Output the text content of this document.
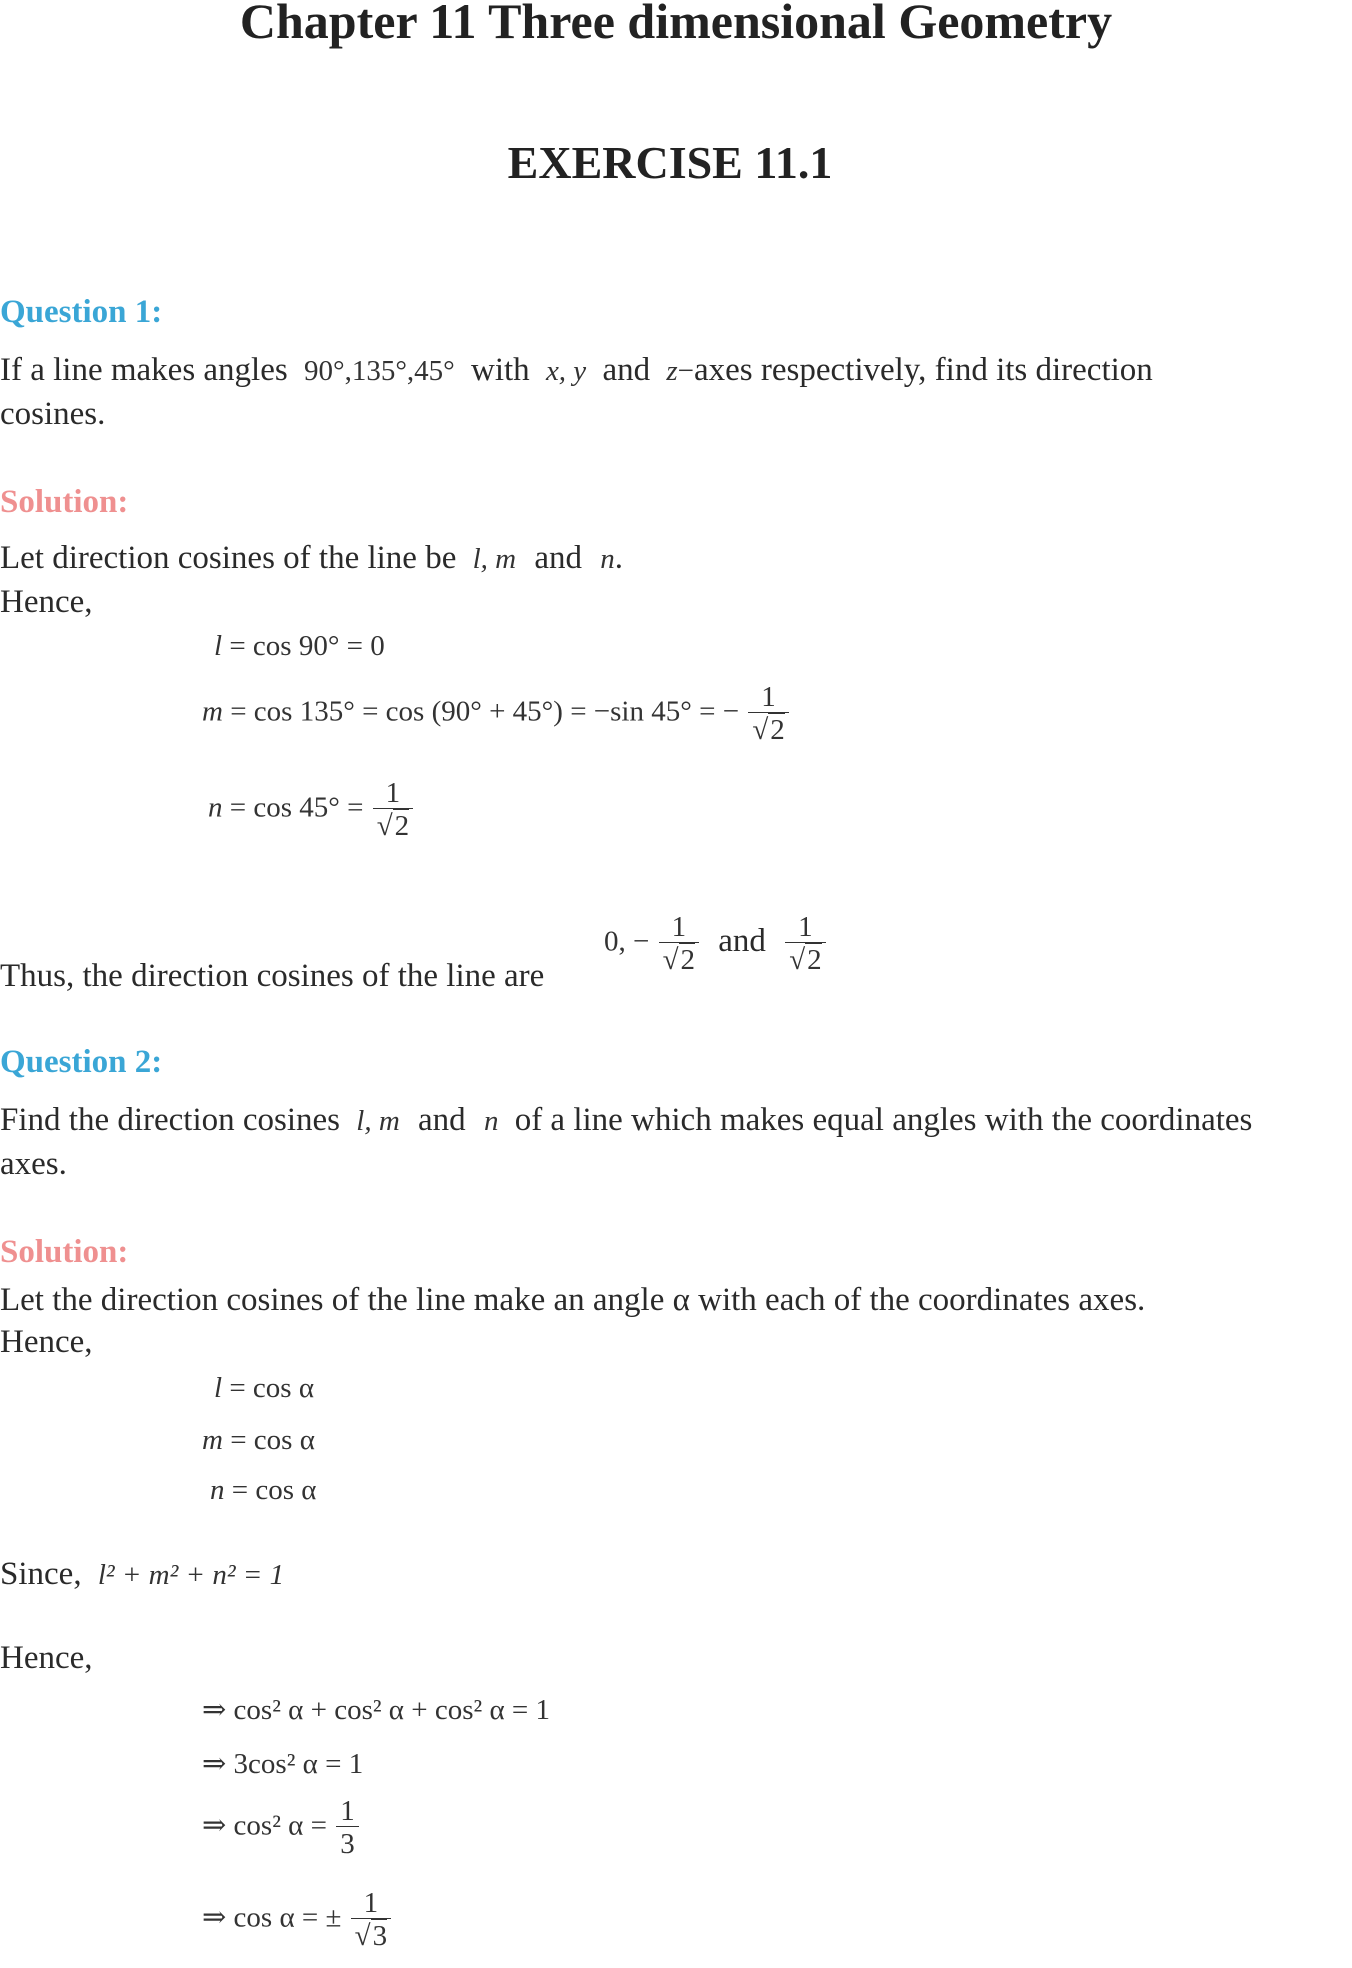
Chapter 11 Three dimensional Geometry
EXERCISE 11.1
Question 1:
If a line makes angles 90°,135°,45° with x, y and z−axes respectively, find its direction
cosines.
Solution:
Let direction cosines of the line be l, m and n.
Hence,
l = cos 90° = 0
m = cos 135° = cos (90° + 45°) = −sin 45° = − $\frac{1}{√2}$
$n = \cos 45^\circ = \frac{1}{√2}$
Thus, the direction cosines of the line are
0, − $\frac{1}{√2}$ and $\frac{1}{√2}$
Question 2:
Find the direction cosines l, m and n of a line which makes equal angles with the coordinates
axes.
Solution:
Let the direction cosines of the line make an angle α with each of the coordinates axes.
Hence,
l = cos α
m = cos α
n = cos α
Since, l² + m² + n² = 1
Hence,
⇒ cos² α + cos² α + cos² α = 1
⇒ 3cos² α = 1
⇒ cos² $\alpha = \frac{1}{3}$
⇒ cos α = ± $\frac{1}{√3}$
